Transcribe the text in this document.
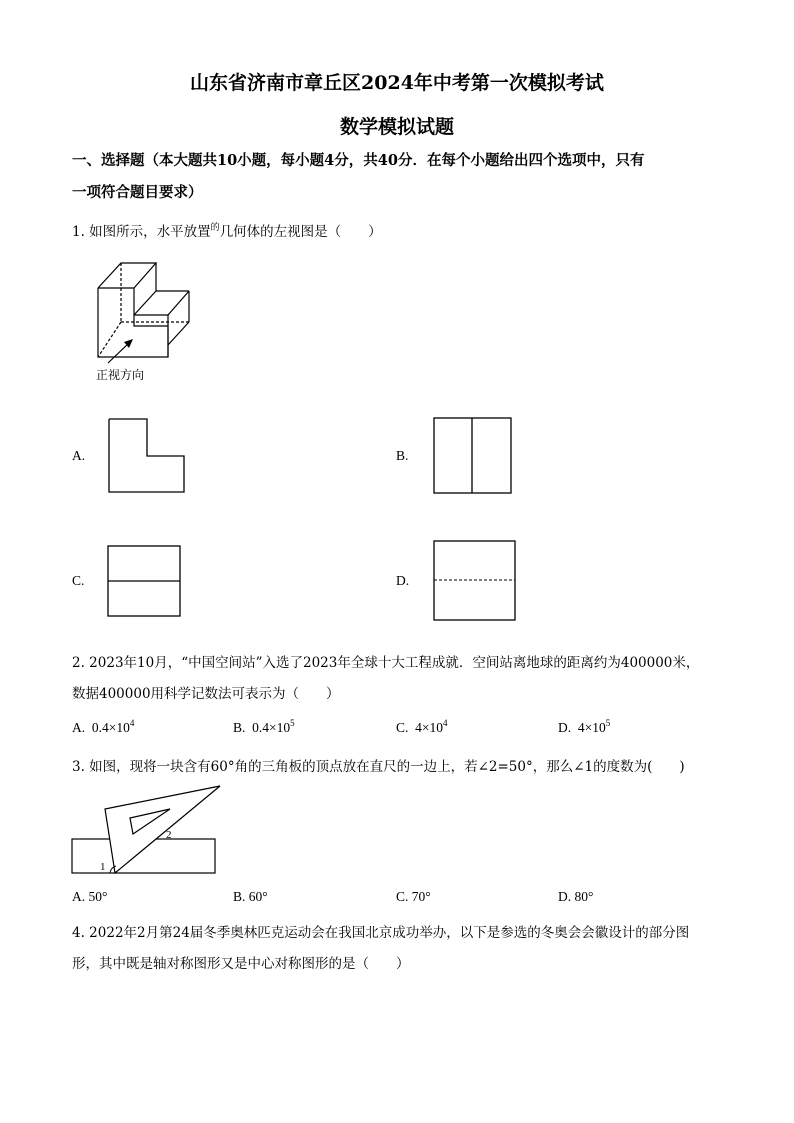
山东省济南市章丘区2024年中考第一次模拟考试
数学模拟试题
一、选择题（本大题共10小题，每小题4分，共40分．在每个小题给出四个选项中，只有
一项符合题目要求）
1. 如图所示，水平放置$^的$几何体的左视图是（　　）
正视方向
A.	B.
C.	D.
2. 2023年10月，“中国空间站”入选了2023年全球十大工程成就．空间站离地球的距离约为400000米，
数据400000用科学记数法可表示为（　　）
A. $0.4\times 10^4$	B. $0.4\times 10^5$	C. $4\times 10^4$	D. $4\times 10^5$
3. 如图，现将一块含有60°角的三角板的顶点放在直尺的一边上，若∠2=50°，那么∠1的度数为(　　)
1
2
A. 50°	B. 60°	C. 70°	D. 80°
4. 2022年2月第24届冬季奥林匹克运动会在我国北京成功举办，以下是参选的冬奥会会徽设计的部分图
形，其中既是轴对称图形又是中心对称图形的是（　　）
